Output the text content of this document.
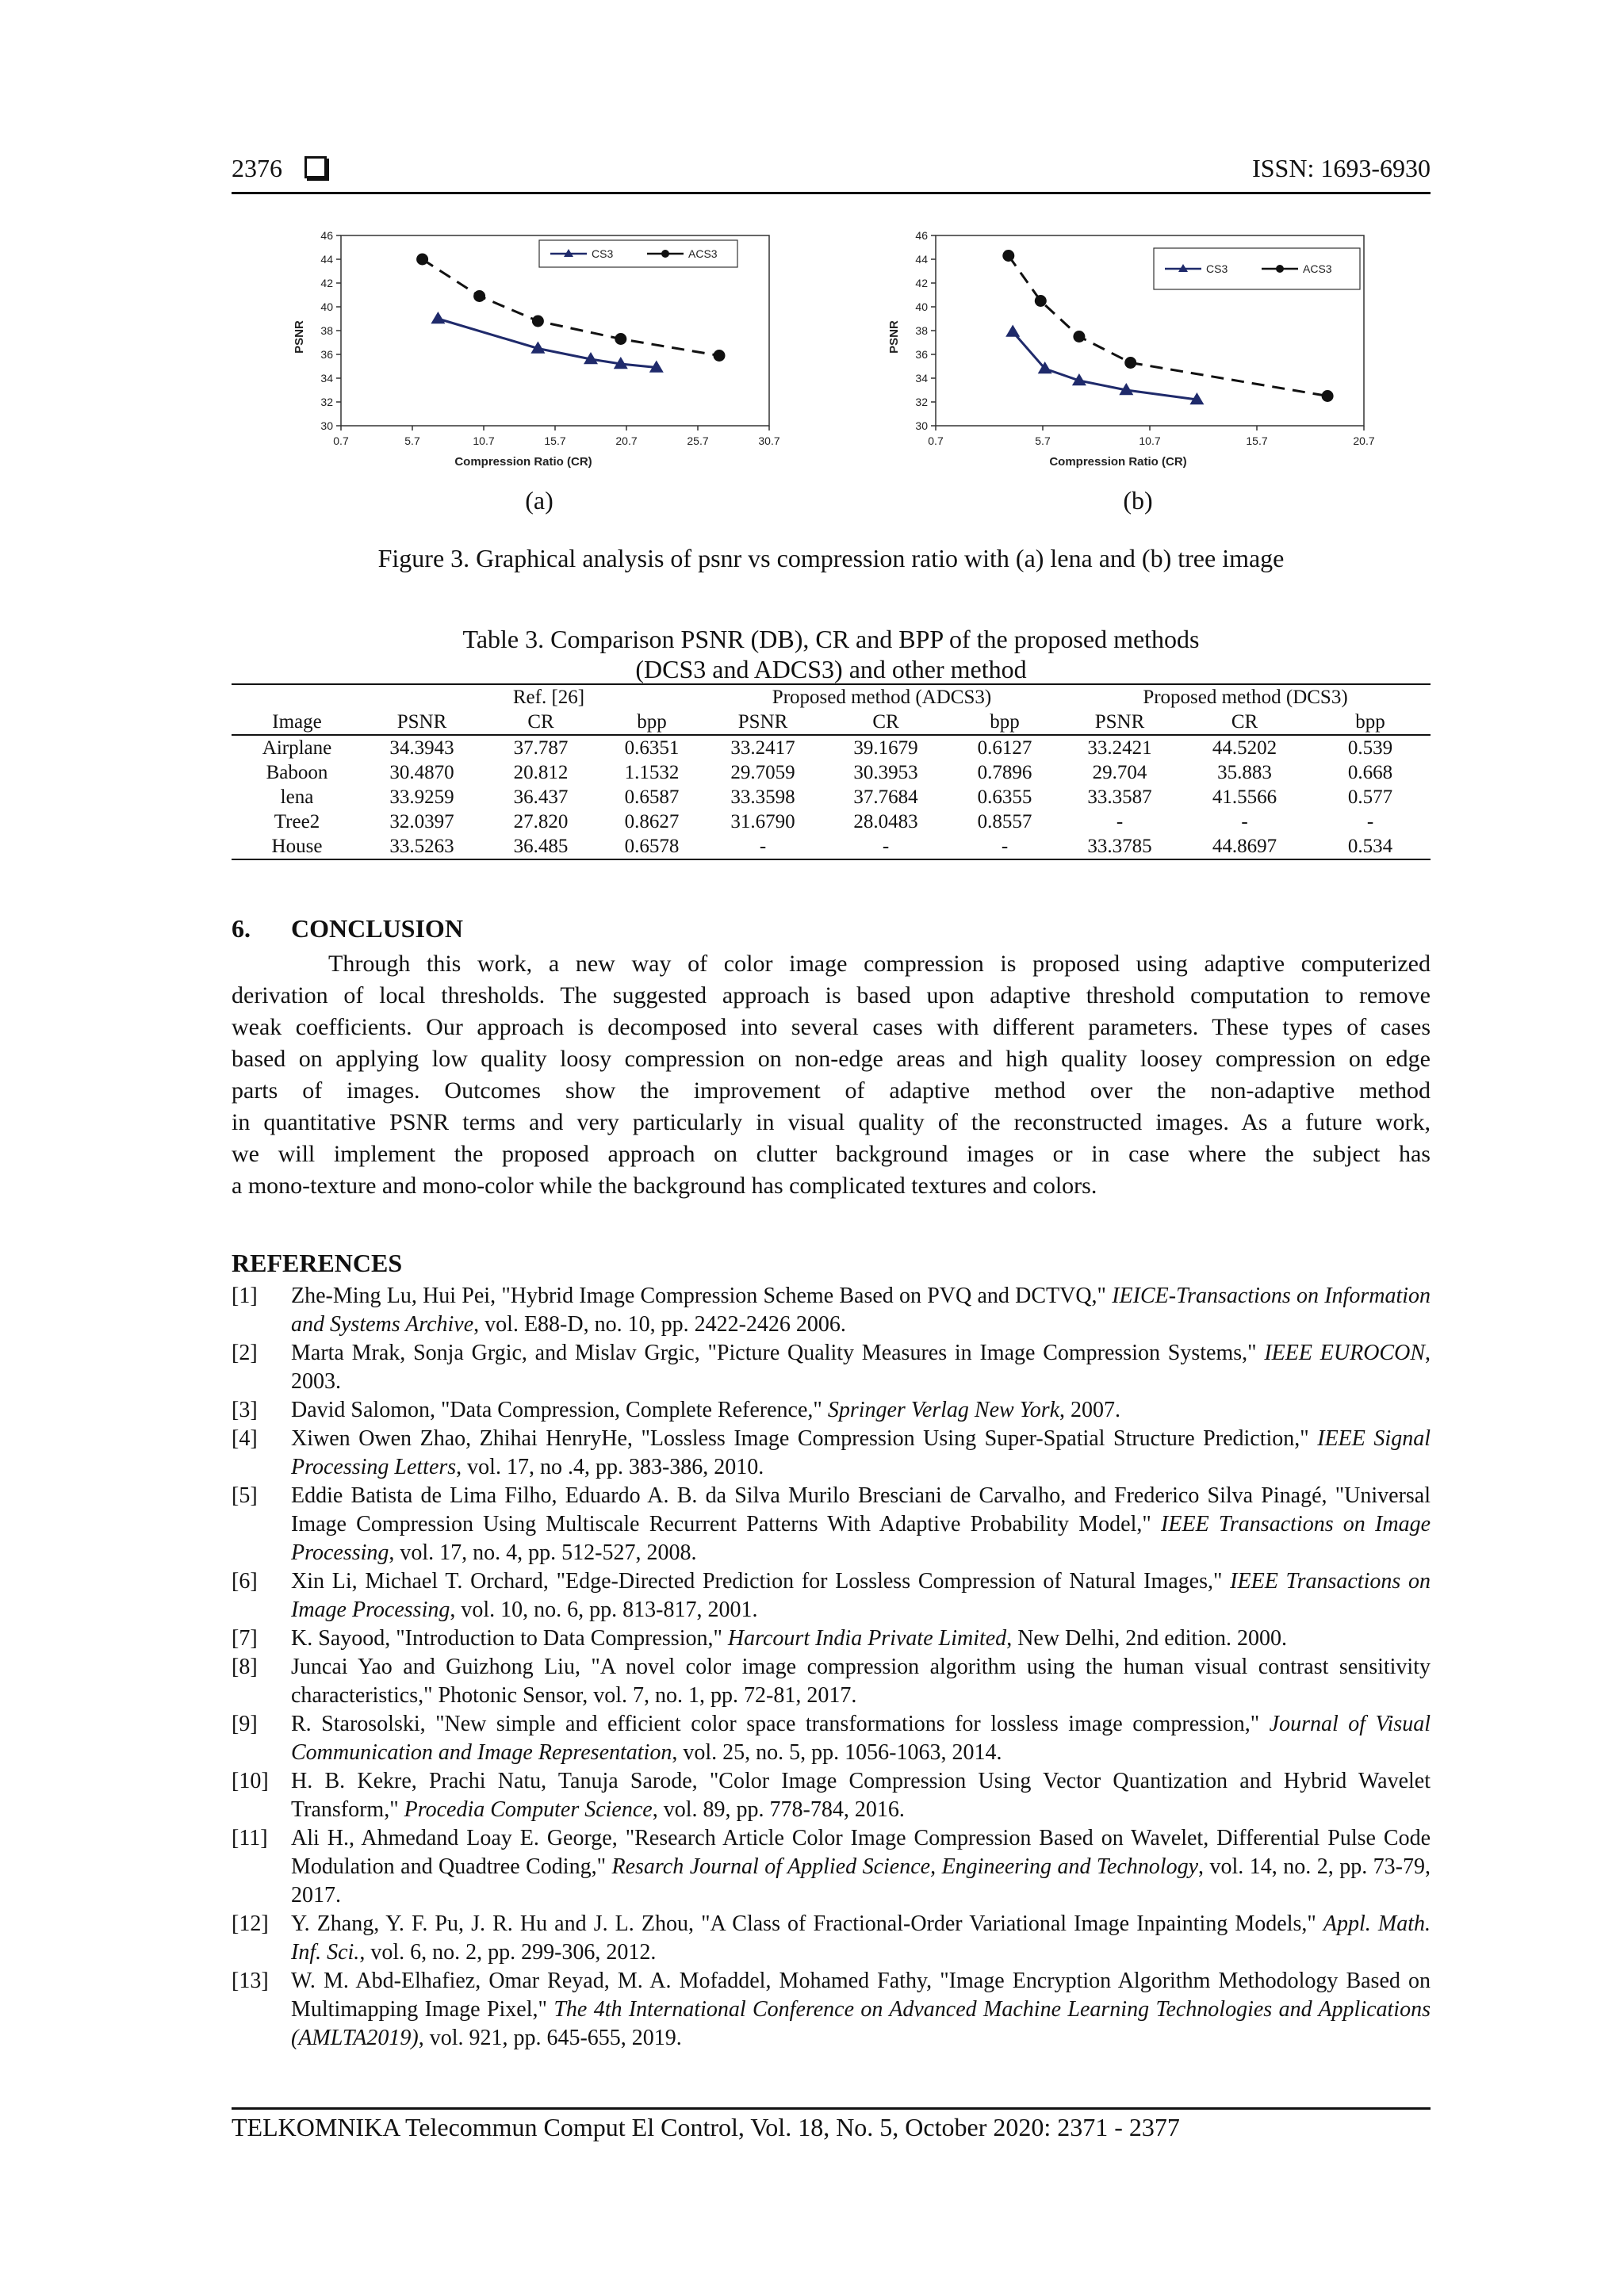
2376	ISSN: 1693-6930
30
32
34
36
38
40
42
44
46
0.7	5.7	10.7	15.7	20.7	25.7	30.7
Compression Ratio (CR)
PSNR
CS3	ACS3
30
32
34
36
38
40
42
44
46
0.7	5.7	10.7	15.7	20.7
Compression Ratio (CR)
PSNR
CS3	ACS3
(a)	(b)
Figure 3. Graphical analysis of psnr vs compression ratio with (a) lena and (b) tree image
Table 3. Comparison PSNR (DB), CR and BPP of the proposed methods
(DCS3 and ADCS3) and other method
	Ref. [26]			Proposed method (ADCS3)			Proposed method (DCS3)		
Image	PSNR	CR	bpp	PSNR	CR	bpp	PSNR	CR	bpp
Airplane	34.3943	37.787	0.6351	33.2417	39.1679	0.6127	33.2421	44.5202	0.539
Baboon	30.4870	20.812	1.1532	29.7059	30.3953	0.7896	29.704	35.883	0.668
lena	33.9259	36.437	0.6587	33.3598	37.7684	0.6355	33.3587	41.5566	0.577
Tree2	32.0397	27.820	0.8627	31.6790	28.0483	0.8557	-	-	-
House	33.5263	36.485	0.6578	-	-	-	33.3785	44.8697	0.534
6. CONCLUSION
Through this work, a new way of color image compression is proposed using adaptive computerized
derivation of local thresholds. The suggested approach is based upon adaptive threshold computation to remove
weak coefficients. Our approach is decomposed into several cases with different parameters. These types of cases
based on applying low quality loosy compression on non-edge areas and high quality loosey compression on edge
parts of images. Outcomes show the improvement of adaptive method over the non-adaptive method
in quantitative PSNR terms and very particularly in visual quality of the reconstructed images. As a future work,
we will implement the proposed approach on clutter background images or in case where the subject has
a mono-texture and mono-color while the background has complicated textures and colors.
REFERENCES
[1] Zhe-Ming Lu, Hui Pei, "Hybrid Image Compression Scheme Based on PVQ and DCTVQ," IEICE-Transactions on Information and Systems Archive, vol. E88-D, no. 10, pp. 2422-2426 2006.
[2] Marta Mrak, Sonja Grgic, and Mislav Grgic, "Picture Quality Measures in Image Compression Systems," IEEE EUROCON, 2003.
[3] David Salomon, "Data Compression, Complete Reference," Springer Verlag New York, 2007.
[4] Xiwen Owen Zhao, Zhihai HenryHe, "Lossless Image Compression Using Super-Spatial Structure Prediction," IEEE Signal Processing Letters, vol. 17, no .4, pp. 383-386, 2010.
[5] Eddie Batista de Lima Filho, Eduardo A. B. da Silva Murilo Bresciani de Carvalho, and Frederico Silva Pinagé, "Universal Image Compression Using Multiscale Recurrent Patterns With Adaptive Probability Model," IEEE Transactions on Image Processing, vol. 17, no. 4, pp. 512-527, 2008.
[6] Xin Li, Michael T. Orchard, "Edge-Directed Prediction for Lossless Compression of Natural Images," IEEE Transactions on Image Processing, vol. 10, no. 6, pp. 813-817, 2001.
[7] K. Sayood, "Introduction to Data Compression," Harcourt India Private Limited, New Delhi, 2nd edition. 2000.
[8] Juncai Yao and Guizhong Liu, "A novel color image compression algorithm using the human visual contrast sensitivity characteristics," Photonic Sensor, vol. 7, no. 1, pp. 72-81, 2017.
[9] R. Starosolski, "New simple and efficient color space transformations for lossless image compression," Journal of Visual Communication and Image Representation, vol. 25, no. 5, pp. 1056-1063, 2014.
[10] H. B. Kekre, Prachi Natu, Tanuja Sarode, "Color Image Compression Using Vector Quantization and Hybrid Wavelet Transform," Procedia Computer Science, vol. 89, pp. 778-784, 2016.
[11] Ali H., Ahmedand Loay E. George, "Research Article Color Image Compression Based on Wavelet, Differential Pulse Code Modulation and Quadtree Coding," Resarch Journal of Applied Science, Engineering and Technology, vol. 14, no. 2, pp. 73-79, 2017.
[12] Y. Zhang, Y. F. Pu, J. R. Hu and J. L. Zhou, "A Class of Fractional-Order Variational Image Inpainting Models," Appl. Math. Inf. Sci., vol. 6, no. 2, pp. 299-306, 2012.
[13] W. M. Abd-Elhafiez, Omar Reyad, M. A. Mofaddel, Mohamed Fathy, "Image Encryption Algorithm Methodology Based on Multimapping Image Pixel," The 4th International Conference on Advanced Machine Learning Technologies and Applications (AMLTA2019), vol. 921, pp. 645-655, 2019.
TELKOMNIKA Telecommun Comput El Control, Vol. 18, No. 5, October 2020: 2371 - 2377
